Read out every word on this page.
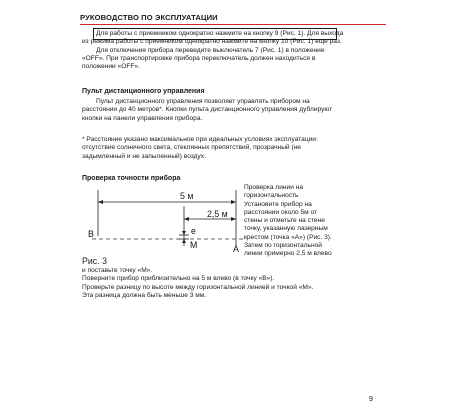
РУКОВОДСТВО ПО ЭКСПЛУАТАЦИИ
Для работы с приемником однократно нажмите на кнопку 9 (Рис. 1). Для выхода
из режима работы с приемником однократно нажмите на кнопку 10 (Рис. 1) еще раз.
Для отключения прибора переведите выключатель 7 (Рис. 1) в положение
«OFF». При транспортировке прибора переключатель должен находиться в
положении «OFF».
Пульт дистанционного управления
Пульт дистанционного управления позволяет управлять прибором на
расстоянии до 40 метров*. Кнопки пульта дистанционного управления дублируют
кнопки на панели управления прибора.
* Расстояние указано максимальное при идеальных условиях эксплуатации:
отсутствие солнечного света, стеклянных препятствий, прозрачный (не
задымленный и не запыленный) воздух.
Проверка точности прибора
Проверка линии на
горизонтальность
Установите прибор на
расстоянии около 5м от
стены и отметьте на стене
точку, указанную лазерным
крестом (точка «А») (Рис. 3).
Затем по горизонтальной
линии примерно 2,5 м влево
5 м
2,5 м
В	е
М	А
Рис. 3
и поставьте точку «М».
Поверните прибор приблизительно на 5 м влево (в точку «В»).
Проверьте разницу по высоте между горизонтальной линией и точкой «М».
Эта разница должна быть меньше 3 мм.
9
